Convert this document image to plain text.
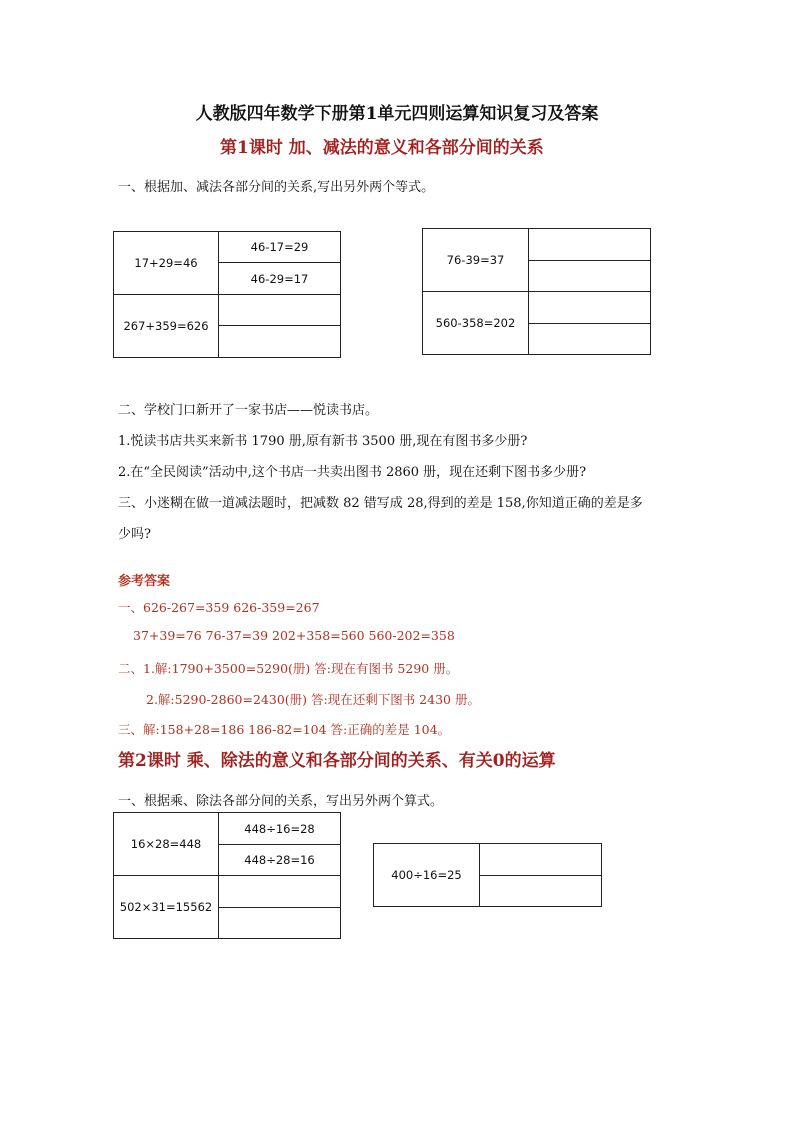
人教版四年数学下册第1单元四则运算知识复习及答案
第1课时 加、减法的意义和各部分间的关系
一、根据加、减法各部分间的关系,写出另外两个等式。
17+29=46	46-17=29
	46-29=17
267+359=626	

76-39=37	

560-358=202	

二、学校门口新开了一家书店——悦读书店。
1.悦读书店共买来新书 1790 册,原有新书 3500 册,现在有图书多少册?
2.在“全民阅读”活动中,这个书店一共卖出图书 2860 册，现在还剩下图书多少册?
三、小迷糊在做一道减法题时，把减数 82 错写成 28,得到的差是 158,你知道正确的差是多
少吗?
参考答案
一、626-267=359 626-359=267
37+39=76 76-37=39 202+358=560 560-202=358
二、1.解:1790+3500=5290(册) 答:现在有图书 5290 册。
2.解:5290-2860=2430(册) 答:现在还剩下图书 2430 册。
三、解:158+28=186 186-82=104 答:正确的差是 104。
第2课时 乘、除法的意义和各部分间的关系、有关0的运算
一、根据乘、除法各部分间的关系，写出另外两个算式。
16×28=448	448÷16=28
	448÷28=16
502×31=15562	

400÷16=25	
